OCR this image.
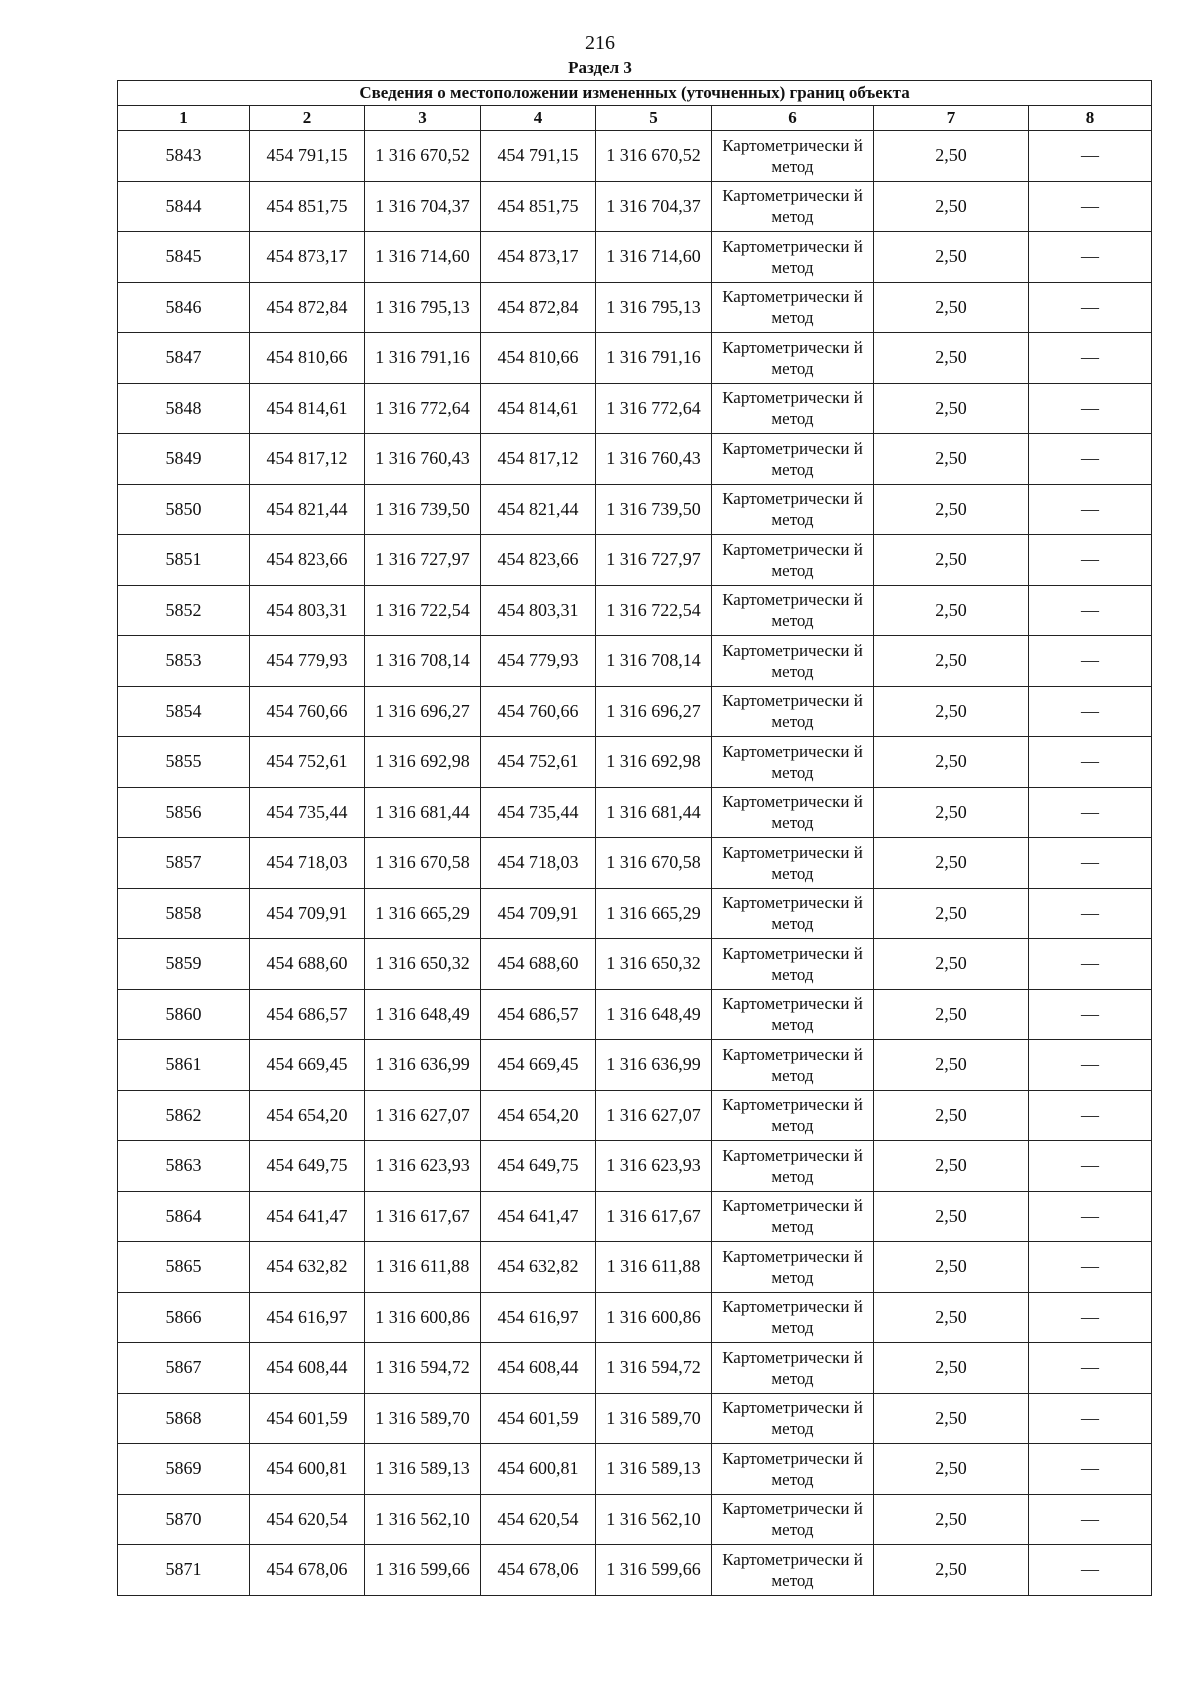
216
Раздел 3
Сведения о местоположении измененных (уточненных) границ объекта							
1	2	3	4	5	6	7	8
5843	454 791,15	1 316 670,52	454 791,15	1 316 670,52	Картометрически й метод	2,50	—
5844	454 851,75	1 316 704,37	454 851,75	1 316 704,37	Картометрически й метод	2,50	—
5845	454 873,17	1 316 714,60	454 873,17	1 316 714,60	Картометрически й метод	2,50	—
5846	454 872,84	1 316 795,13	454 872,84	1 316 795,13	Картометрически й метод	2,50	—
5847	454 810,66	1 316 791,16	454 810,66	1 316 791,16	Картометрически й метод	2,50	—
5848	454 814,61	1 316 772,64	454 814,61	1 316 772,64	Картометрически й метод	2,50	—
5849	454 817,12	1 316 760,43	454 817,12	1 316 760,43	Картометрически й метод	2,50	—
5850	454 821,44	1 316 739,50	454 821,44	1 316 739,50	Картометрически й метод	2,50	—
5851	454 823,66	1 316 727,97	454 823,66	1 316 727,97	Картометрически й метод	2,50	—
5852	454 803,31	1 316 722,54	454 803,31	1 316 722,54	Картометрически й метод	2,50	—
5853	454 779,93	1 316 708,14	454 779,93	1 316 708,14	Картометрически й метод	2,50	—
5854	454 760,66	1 316 696,27	454 760,66	1 316 696,27	Картометрически й метод	2,50	—
5855	454 752,61	1 316 692,98	454 752,61	1 316 692,98	Картометрически й метод	2,50	—
5856	454 735,44	1 316 681,44	454 735,44	1 316 681,44	Картометрически й метод	2,50	—
5857	454 718,03	1 316 670,58	454 718,03	1 316 670,58	Картометрически й метод	2,50	—
5858	454 709,91	1 316 665,29	454 709,91	1 316 665,29	Картометрически й метод	2,50	—
5859	454 688,60	1 316 650,32	454 688,60	1 316 650,32	Картометрически й метод	2,50	—
5860	454 686,57	1 316 648,49	454 686,57	1 316 648,49	Картометрически й метод	2,50	—
5861	454 669,45	1 316 636,99	454 669,45	1 316 636,99	Картометрически й метод	2,50	—
5862	454 654,20	1 316 627,07	454 654,20	1 316 627,07	Картометрически й метод	2,50	—
5863	454 649,75	1 316 623,93	454 649,75	1 316 623,93	Картометрически й метод	2,50	—
5864	454 641,47	1 316 617,67	454 641,47	1 316 617,67	Картометрически й метод	2,50	—
5865	454 632,82	1 316 611,88	454 632,82	1 316 611,88	Картометрически й метод	2,50	—
5866	454 616,97	1 316 600,86	454 616,97	1 316 600,86	Картометрически й метод	2,50	—
5867	454 608,44	1 316 594,72	454 608,44	1 316 594,72	Картометрически й метод	2,50	—
5868	454 601,59	1 316 589,70	454 601,59	1 316 589,70	Картометрически й метод	2,50	—
5869	454 600,81	1 316 589,13	454 600,81	1 316 589,13	Картометрически й метод	2,50	—
5870	454 620,54	1 316 562,10	454 620,54	1 316 562,10	Картометрически й метод	2,50	—
5871	454 678,06	1 316 599,66	454 678,06	1 316 599,66	Картометрически й метод	2,50	—
